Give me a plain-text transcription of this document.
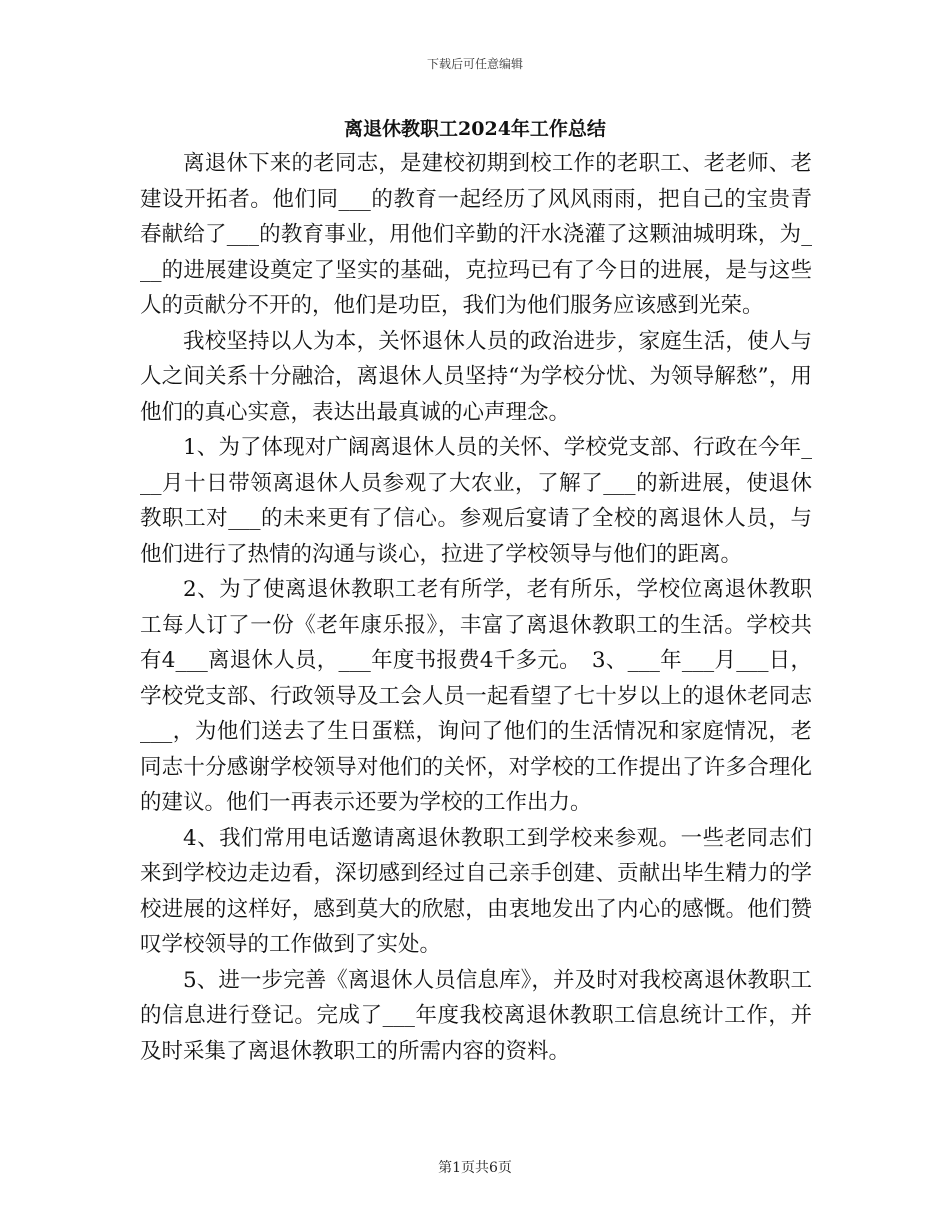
下载后可任意编辑
离退休教职工2024年工作总结

离退休下来的老同志，是建校初期到校工作的老职工、老老师、老建设开拓者。他们同___的教育一起经历了风风雨雨，把自己的宝贵青春献给了___的教育事业，用他们辛勤的汗水浇灌了这颗油城明珠，为___的进展建设奠定了坚实的基础，克拉玛已有了今日的进展，是与这些人的贡献分不开的，他们是功臣，我们为他们服务应该感到光荣。

我校坚持以人为本，关怀退休人员的政治进步，家庭生活，使人与人之间关系十分融洽，离退休人员坚持“为学校分忧、为领导解愁”，用他们的真心实意，表达出最真诚的心声理念。

1、为了体现对广阔离退休人员的关怀、学校党支部、行政在今年___月十日带领离退休人员参观了大农业，了解了___的新进展，使退休教职工对___的未来更有了信心。参观后宴请了全校的离退休人员，与他们进行了热情的沟通与谈心，拉进了学校领导与他们的距离。

2、为了使离退休教职工老有所学，老有所乐，学校位离退休教职工每人订了一份《老年康乐报》，丰富了离退休教职工的生活。学校共有4___离退休人员，___年度书报费4千多元。　3、___年___月___日，学校党支部、行政领导及工会人员一起看望了七十岁以上的退休老同志___，为他们送去了生日蛋糕，询问了他们的生活情况和家庭情况，老同志十分感谢学校领导对他们的关怀，对学校的工作提出了许多合理化的建议。他们一再表示还要为学校的工作出力。

4、我们常用电话邀请离退休教职工到学校来参观。一些老同志们来到学校边走边看，深切感到经过自己亲手创建、贡献出毕生精力的学校进展的这样好，感到莫大的欣慰，由衷地发出了内心的感慨。他们赞叹学校领导的工作做到了实处。

5、进一步完善《离退休人员信息库》，并及时对我校离退休教职工的信息进行登记。完成了___年度我校离退休教职工信息统计工作，并及时采集了离退休教职工的所需内容的资料。

第1页共6页
